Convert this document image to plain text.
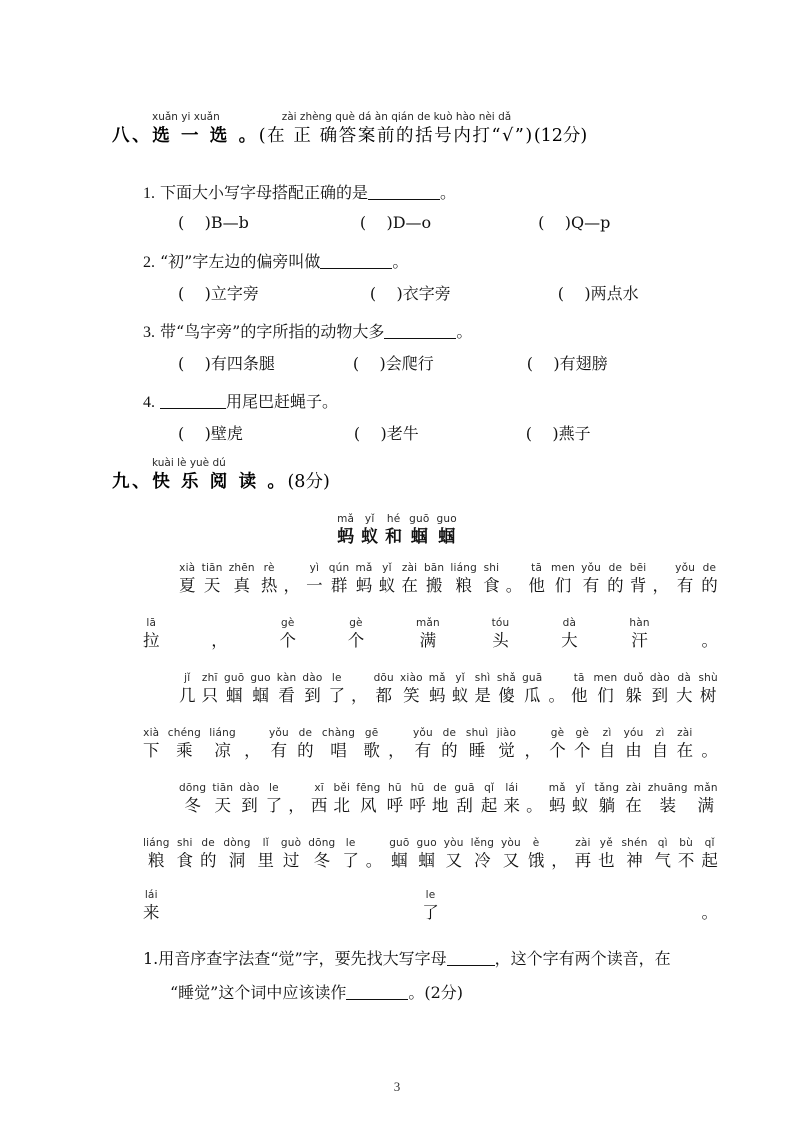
xuǎn yi xuǎn	zài zhèng què dá àn qián de kuò hào nèi dǎ
八、选 一 选 。(在 正 确答案前的括号内打“√”)(12分)
1. 下面大小写字母搭配正确的是	。
( )B—b	( )D—o	( )Q—p
2. “初”字左边的偏旁叫做	。
( )立字旁	( )衣字旁	( )两点水
3. 带“鸟字旁”的字所指的动物大多	。
( )有四条腿	( )会爬行	( )有翅膀
4.	用尾巴赶蝇子。
( )壁虎	( )老牛	( )燕子
kuài lè yuè dú
九、快 乐 阅 读 。(8分)
mǎ
蚂
yǐ
蚁
hé
和
guō
蝈
guo
蝈
xià
夏
tiān
天
zhēn
真
rè
热
，
yì
一
qún
群
mǎ
蚂
yǐ
蚁
zài
在
bān
搬
liáng
粮
shi
食
。
tā
他
men
们
yǒu
有
de
的
bēi
背
，
yǒu
有
de
的
lā
拉
	，
gè
个
gè
个
mǎn
满
tóu
头
dà
大
hàn
汗
	。
jǐ
几
zhī
只
guō
蝈
guo
蝈
kàn
看
dào
到
le
了
，
dōu
都
xiào
笑
mǎ
蚂
yǐ
蚁
shì
是
shǎ
傻
guā
瓜
。
tā
他
men
们
duǒ
躲
dào
到
dà
大
shù
树
xià
下
chéng
乘
liáng
凉
，
yǒu
有
de
的
chàng
唱
gē
歌
，
yǒu
有
de
的
shuì
睡
jiào
觉
，
gè
个
gè
个
zì
自
yóu
由
zì
自
zài
在
。
dōng
冬
tiān
天
dào
到
le
了
，
xī
西
běi
北
fēng
风
hū
呼
hū
呼
de
地
guā
刮
qǐ
起
lái
来
。
mǎ
蚂
yǐ
蚁
tǎng
躺
zài
在
zhuāng
装
mǎn
满
liáng
粮
shi
食
de
的
dòng
洞
lǐ
里
guò
过
dōng
冬
le
了
。
guō
蝈
guo
蝈
yòu
又
lěng
冷
yòu
又
è
饿
，
zài
再
yě
也
shén
神
qì
气
bù
不
qǐ
起
lái
来
le
了
	。
1.用音序查字法查“觉”字，要先找大写字母	，这个字有两个读音，在
“睡觉”这个词中应该读作	。(2分)
3
